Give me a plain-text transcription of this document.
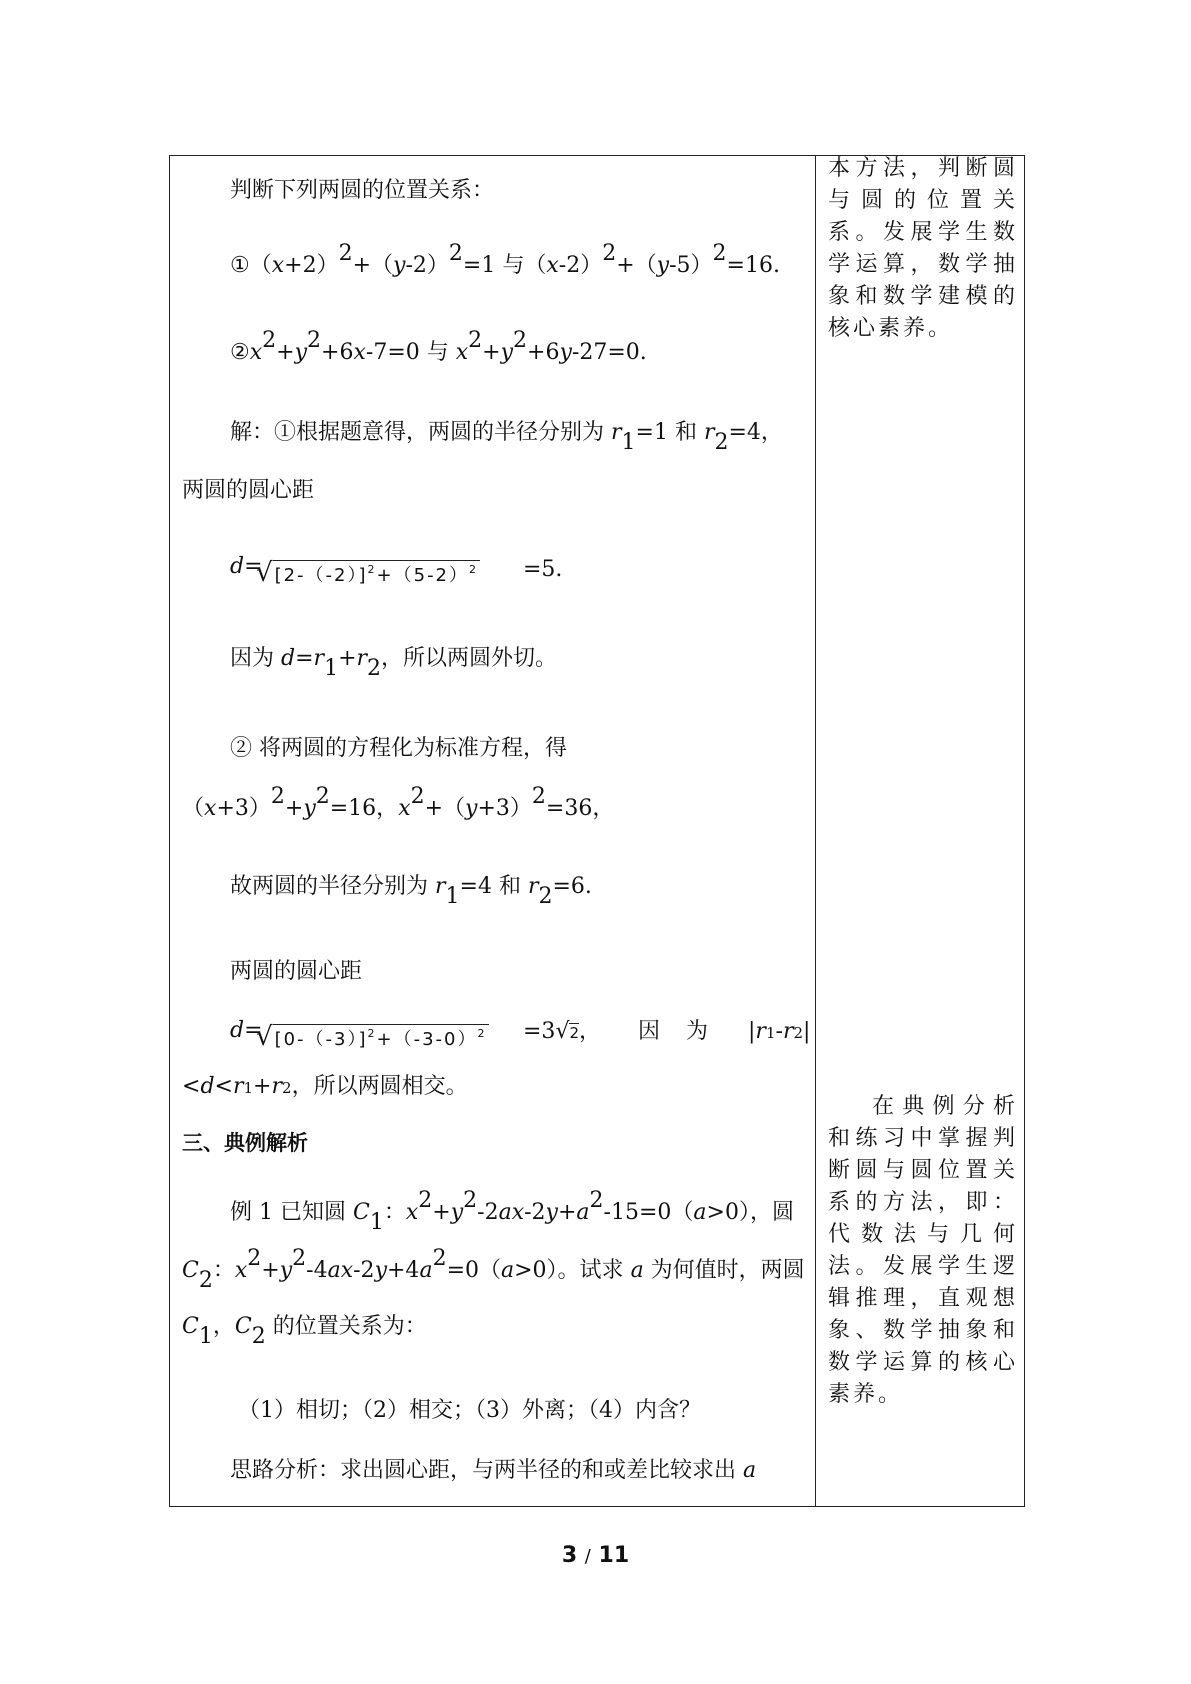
判断下列两圆的位置关系：
$①(x+2)^2+(y-2)^2=1$ 与$(x-2)^2+(y-5)^2=16$.
$②x^2+y^2+6x-7=0$ 与 $x^2+y^2+6y-27=0$.
解：①根据题意得，两圆的半径分别为 $r_1=1$ 和 $r_2=4$，
两圆的圆心距
d=
√ $[2-(-2)]^2+(5-2)^2 =5$.
因为 $d=r_1+r_2$，所以两圆外切。
② 将两圆的方程化为标准方程，得
$(x+3)^2+y^2=16$，$x^2+(y+3)^2=36$，
故两圆的半径分别为 $r_1=4$ 和 $r_2=6$.
两圆的圆心距
d=
√ $[0-(-3)]^2+(-3-0)^2 =3√2$， 因 为 |r1-r2|
<d<r1+r2，所以两圆相交。
三、典例解析
例 1 已知圆 $C_1$：$x^2+y^2-2ax-2y+a^2-15=0(a>0)$，圆
$C_2$：$x^2+y^2-4ax-2y+4a^2=0(a>0)$。试求 a 为何值时，两圆
$C_1$，$C_2$ 的位置关系为：
（1）相切；（2）相交；（3）外离；（4）内含？
思路分析：求出圆心距，与两半径的和或差比较求出 a
本方法，判断圆与圆的位置关系。发展学生数学运算，数学抽象和数学建模的核心素养。
在典例分析和练习中掌握判断圆与圆位置关系的方法，即：代数法与几何法。发展学生逻辑推理，直观想象、数学抽象和数学运算的核心素养。
3 / 11
